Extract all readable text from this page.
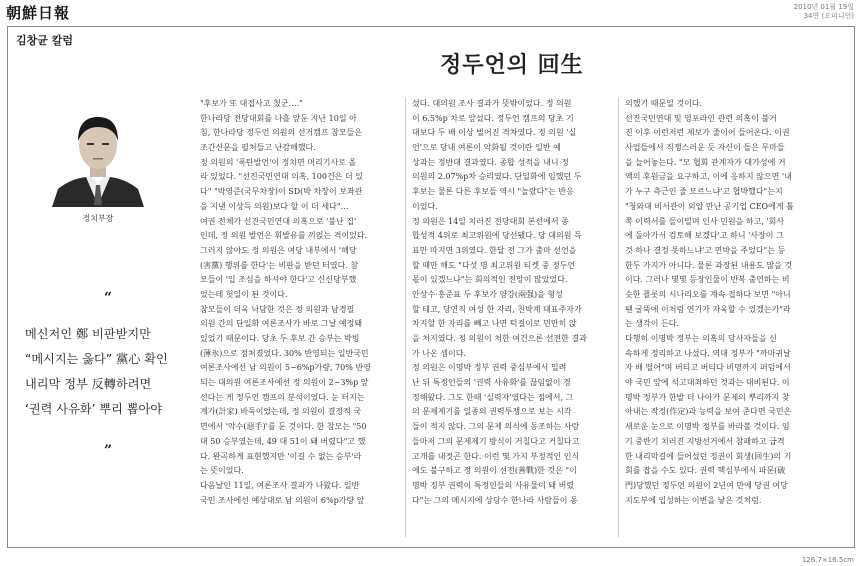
朝鮮日報	2010년 01월 19일
34면 (오피니언)
김창균 칼럼
정두언의 回生
정치부장
“
메신저인 鄭 비판받지만
“메시지는 옳다” 黨心 확인
내리막 정부 反轉하려면
‘권력 사유화’ 뿌리 뽑아야
”
"후보가 또 대접사고 쳤군…."
한나라당 전당대회를 나흘 앞둔 지난 10일 아
침, 한나라당 정두언 의원의 선거캠프 참모들은
조간신문을 펼쳐들고 난감해했다.
정 의원의 '폭탄발언'이 정치면 머리기사로 올
라 있었다. "선진국민연대 의혹, 100건은 더 있
다" "박영준(국무차장)이 SD(박 차장이 보좌관
을 지낸 이상득 의원)보다 할 이 더 세다"…
여권 전체가 선진국민연대 의혹으로 '불난 집'
인데, 정 의원 발언은 휘발유를 끼얹는 격이었다.
그러지 않아도 정 의원은 여당 내부에서 '해당
(害黨) 행위를 한다'는 비판을 받던 터였다. 참
모들이 '입 조심을 하셔야 한다'고 신신당부했
었는데 헛일이 된 것이다.
참모들이 더욱 낙담한 것은 정 의원과 남경필
의원 간의 단일화 여론조사가 바로 그날 예정돼
있었기 때문이다. 당초 두 후보 간 승부는 박빙
(薄氷)으로 점쳐졌었다. 30% 반영되는 일반국민
여론조사에선 남 의원이 5~6%p가량, 70% 반영
되는 대의원 여론조사에선 정 의원이 2~3%p 앞
선다는 게 정두언 캠프의 분석이었다. 눈 터지는
계가(計家) 바둑이었는데, 정 의원이 결정적 국
면에서 '악수(惡手)'를 둔 것이다. 한 참모는 "50
대 50 승부였는데, 49 대 51이 돼 버렸다"고 했
다. 완곡하게 표현했지만 '이길 수 없는 승부'라
는 뜻이었다.
다음날인 11일, 여론조사 결과가 나왔다. 일반
국민 조사에선 예상대로 남 의원이 6%p가량 앞
섰다. 대의원 조사 결과가 뜻밖이었다. 정 의원
이 6.5%p 차로 앞섰다. 정두언 캠프의 당초 기
대보다 두 배 이상 벌어진 격차였다. 정 의원 '실
언'으로 당내 여론이 악화될 것이란 일반 예
상과는 정반대 결과였다. 종합 성적을 내니 정
의원의 2.07%p차 승리였다. 단일화에 임했던 두
후보는 물론 다른 후보들 역시 "놀랐다"는 반응
이었다.
정 의원은 14일 치러진 전당대회 본선에서 종
합성적 4위로 최고위원에 당선됐다. 당 대의원 득
표만 따지면 3위였다. 한달 전 그가 출마 선언을
할 때만 해도 "다섯 명 최고위원 티켓 중 정두언
몫이 있겠느냐"는 회의적인 전망이 많았었다.
안상수·홍준표 두 후보가 양강(兩强)을 형성
할 테고, 당연직 여성 한 자리, 친박계 대표주자가
차지할 한 자리를 빼고 나면 턱걸이로 민만히 앉
을 처지였다. 정 의원이 처한 여건으론 선전한 결과
가 나온 셈이다.
정 의원은 이명박 정부 권력 중심부에서 밀려
난 뒤 특정인들의 '권력 사유화'를 끊임없이 경
정해왔다. 그도 한때 '실력자'였다는 점에서, 그
의 문제제기를 일종의 권력투쟁으로 보는 시각
들이 적지 않다. 그의 문제 의식에 동조하는 사람
들마저 그의 문제제기 방식이 거칠다고 거칠다고
고개를 내젓곤 한다. 이런 몇 가지 부정적인 인식
에도 불구하고 정 의원이 선전(善戰)한 것은 "이
명박 정부 권력이 특정인들의 사유물이 돼 버렸
다"는 그의 메시지에 상당수 한나라 사람들이 동
의했기 때문일 것이다.
선진국민연대 및 영포라인 관련 의혹이 불거
진 이후 이런저런 제보가 줄이어 들어온다. 이권
사업들에서 직쟁스러운 듯 자신이 들은 무마들
을 늘어놓는다. "모 협회 관계자가 대가성에 거
액의 후원금을 요구하고, 이에 응하지 않으면 '내
가 누구 측근인 줄 모르느냐'고 협박했다"는지
"청와대 비서관이 외압 만난 공기업 CEO에게 톨
쪽 이력서를 들이밀며 인사 민원을 하고, '회사
에 돌아가서 검토해 보겠다'고 하니 '사장이 그
것 하나 결정 못하느냐'고 면박을 주었다"는 등
한두 가지가 아니다. 물론 과장된 내용도 많을 것
이다. 그러나 몇몇 등장인물이 반복 출연하는 비
슷한 플롯의 시나리오를 계속 접하다 보면 "아니
땐 굴뚝에 이처럼 연기가 자욱할 수 있겠는가"라
는 생각이 든다.
다행히 이명박 정부는 의혹의 당사자들을 신
속하게 정리하고 나섰다. 역대 정부가 "까마귀날
자 배 떨어"며 버티고 버티다 비명까지 퍼덤에서
야 국민 앞에 석고대죄하던 것과는 대비된다. 이
명박 정부가 한발 더 나아가 문제의 뿌리까지 찾
아내는 작정(作定)과 능력을 보여 준다면 국민은
새로운 눈으로 이명박 정부를 바라볼 것이다. 임
기 중반기 치러진 지방선거에서 참패하고 급격
한 내리막길에 들어섰던 정권이 회생(回生)의 기
회를 잡을 수도 있다. 권력 핵심부에서 파문(破
門)당했던 정두언 의원이 2년여 만에 당권 여당
지도부에 입성하는 이변을 낳은 것처럼.
126.7×16.5cm
